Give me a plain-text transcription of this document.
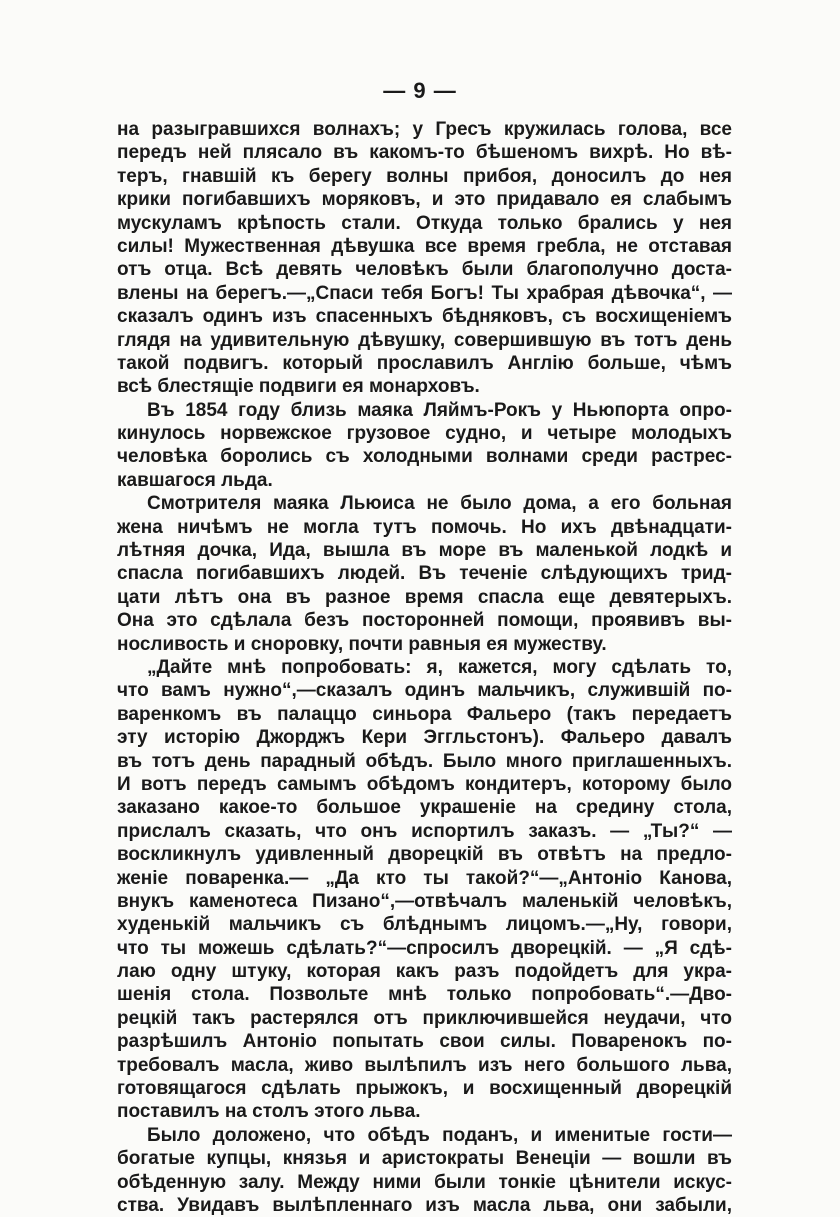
— 9 —
на разыгравшихся волнахъ; у Гресъ кружилась голова, все
передъ ней плясало въ какомъ-то бѣшеномъ вихрѣ. Но вѣ-
теръ, гнавшій къ берегу волны прибоя, доносилъ до нея
крики погибавшихъ моряковъ, и это придавало ея слабымъ
мускуламъ крѣпость стали. Откуда только брались у нея
силы! Мужественная дѣвушка все время гребла, не отставая
отъ отца. Всѣ девять человѣкъ были благополучно доста-
влены на берегъ.—„Спаси тебя Богъ! Ты храбрая дѣвочка“, —
сказалъ одинъ изъ спасенныхъ бѣдняковъ, съ восхищенiемъ
глядя на удивительную дѣвушку, совершившую въ тотъ день
такой подвигъ. который прославилъ Англiю больше, чѣмъ
всѣ блестящiе подвиги ея монарховъ.
Въ 1854 году близь маяка Ляймъ-Рокъ у Ньюпорта опро-
кинулось норвежское грузовое судно, и четыре молодыхъ
человѣка боролись съ холодными волнами среди растрес-
кавшагося льда.
Смотрителя маяка Льюиса не было дома, а его больная
жена ничѣмъ не могла тутъ помочь. Но ихъ двѣнадцати-
лѣтняя дочка, Ида, вышла въ море въ маленькой лодкѣ и
спасла погибавшихъ людей. Въ теченiе слѣдующихъ трид-
цати лѣтъ она въ разное время спасла еще девятерыхъ.
Она это сдѣлала безъ посторонней помощи, проявивъ вы-
носливость и сноровку, почти равныя ея мужеству.
„Дайте мнѣ попробовать: я, кажется, могу сдѣлать то,
что вамъ нужно“,—сказалъ одинъ мальчикъ, служившiй по-
варенкомъ въ палаццо синьора Фальеро (такъ передаетъ
эту исторiю Джорджъ Кери Эггльстонъ). Фальеро давалъ
въ тотъ день парадный обѣдъ. Было много приглашенныхъ.
И вотъ передъ самымъ обѣдомъ кондитеръ, которому было
заказано какое-то большое украшенiе на средину стола,
прислалъ сказать, что онъ испортилъ заказъ. — „Ты?“ —
воскликнулъ удивленный дворецкiй въ отвѣтъ на предло-
женiе поваренка.— „Да кто ты такой?“—„Антонiо Канова,
внукъ каменотеса Пизано“,—отвѣчалъ маленькiй человѣкъ,
худенькiй мальчикъ съ блѣднымъ лицомъ.—„Ну, говори,
что ты можешь сдѣлать?“—спросилъ дворецкiй. — „Я сдѣ-
лаю одну штуку, которая какъ разъ подойдетъ для укра-
шенiя стола. Позвольте мнѣ только попробовать“.—Дво-
рецкiй такъ растерялся отъ приключившейся неудачи, что
разрѣшилъ Антонiо попытать свои силы. Поваренокъ по-
требовалъ масла, живо вылѣпилъ изъ него большого льва,
готовящагося сдѣлать прыжокъ, и восхищенный дворецкiй
поставилъ на столъ этого льва.
Было доложено, что обѣдъ поданъ, и именитые гости—
богатые купцы, князья и аристократы Венецiи — вошли въ
обѣденную залу. Между ними были тонкiе цѣнители искус-
ства. Увидавъ вылѣпленнаго изъ масла льва, они забыли,
